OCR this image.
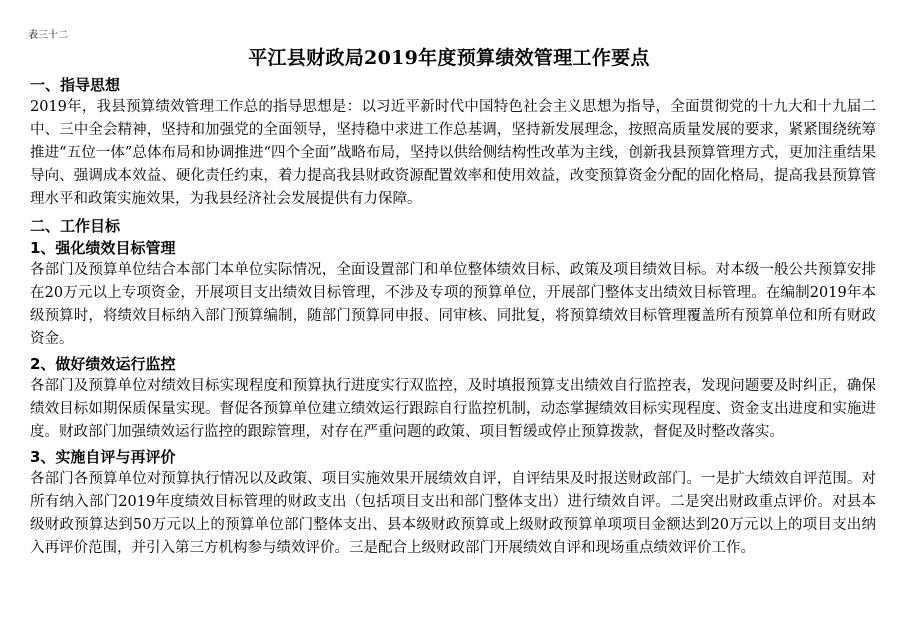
表三十二
平江县财政局2019年度预算绩效管理工作要点

一、指导思想

2019年，我县预算绩效管理工作总的指导思想是：以习近平新时代中国特色社会主义思想为指导，全面贯彻党的十九大和十九届二中、三中全会精神，坚持和加强党的全面领导，坚持稳中求进工作总基调，坚持新发展理念，按照高质量发展的要求，紧紧围绕统筹推进“五位一体”总体布局和协调推进“四个全面”战略布局，坚持以供给侧结构性改革为主线，创新我县预算管理方式，更加注重结果导向、强调成本效益、硬化责任约束，着力提高我县财政资源配置效率和使用效益，改变预算资金分配的固化格局，提高我县预算管理水平和政策实施效果，为我县经济社会发展提供有力保障。

二、工作目标

1、强化绩效目标管理

各部门及预算单位结合本部门本单位实际情况，全面设置部门和单位整体绩效目标、政策及项目绩效目标。对本级一般公共预算安排在20万元以上专项资金，开展项目支出绩效目标管理，不涉及专项的预算单位，开展部门整体支出绩效目标管理。在编制2019年本级预算时，将绩效目标纳入部门预算编制，随部门预算同申报、同审核、同批复，将预算绩效目标管理覆盖所有预算单位和所有财政资金。

2、做好绩效运行监控

各部门及预算单位对绩效目标实现程度和预算执行进度实行双监控，及时填报预算支出绩效自行监控表，发现问题要及时纠正，确保绩效目标如期保质保量实现。督促各预算单位建立绩效运行跟踪自行监控机制，动态掌握绩效目标实现程度、资金支出进度和实施进度。财政部门加强绩效运行监控的跟踪管理，对存在严重问题的政策、项目暂缓或停止预算拨款，督促及时整改落实。

3、实施自评与再评价

各部门各预算单位对预算执行情况以及政策、项目实施效果开展绩效自评，自评结果及时报送财政部门。一是扩大绩效自评范围。对所有纳入部门2019年度绩效目标管理的财政支出（包括项目支出和部门整体支出）进行绩效自评。二是突出财政重点评价。对县本级财政预算达到50万元以上的预算单位部门整体支出、县本级财政预算或上级财政预算单项项目金额达到20万元以上的项目支出纳入再评价范围，并引入第三方机构参与绩效评价。三是配合上级财政部门开展绩效自评和现场重点绩效评价工作。
